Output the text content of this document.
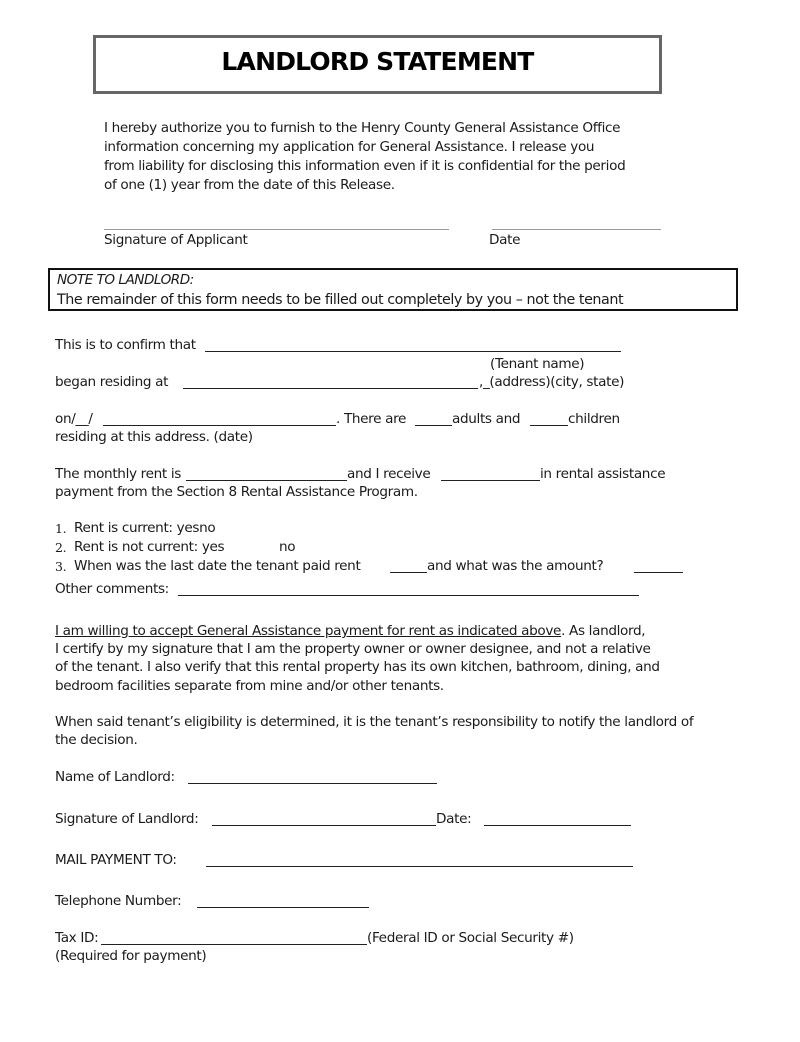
LANDLORD STATEMENT
I hereby authorize you to furnish to the Henry County General Assistance Office
information concerning my application for General Assistance. I release you
from liability for disclosing this information even if it is confidential for the period
of one (1) year from the date of this Release.
Signature of Applicant	Date
NOTE TO LANDLORD:
The remainder of this form needs to be filled out completely by you – not the tenant
This is to confirm that
(Tenant name)
began residing at	,_(address)(city, state)
on/__/	. There are	adults and	children
residing at this address. (date)
The monthly rent is	and I receive	in rental assistance
payment from the Section 8 Rental Assistance Program.
1. Rent is current: yesno
2. Rent is not current: yes	no
3. When was the last date the tenant paid rent	and what was the amount?
Other comments:
I am willing to accept General Assistance payment for rent as indicated above. As landlord,
I certify by my signature that I am the property owner or owner designee, and not a relative
of the tenant. I also verify that this rental property has its own kitchen, bathroom, dining, and
bedroom facilities separate from mine and/or other tenants.
When said tenant’s eligibility is determined, it is the tenant’s responsibility to notify the landlord of
the decision.
Name of Landlord:
Signature of Landlord:	Date:
MAIL PAYMENT TO:
Telephone Number:
Tax ID:	(Federal ID or Social Security #)
(Required for payment)
